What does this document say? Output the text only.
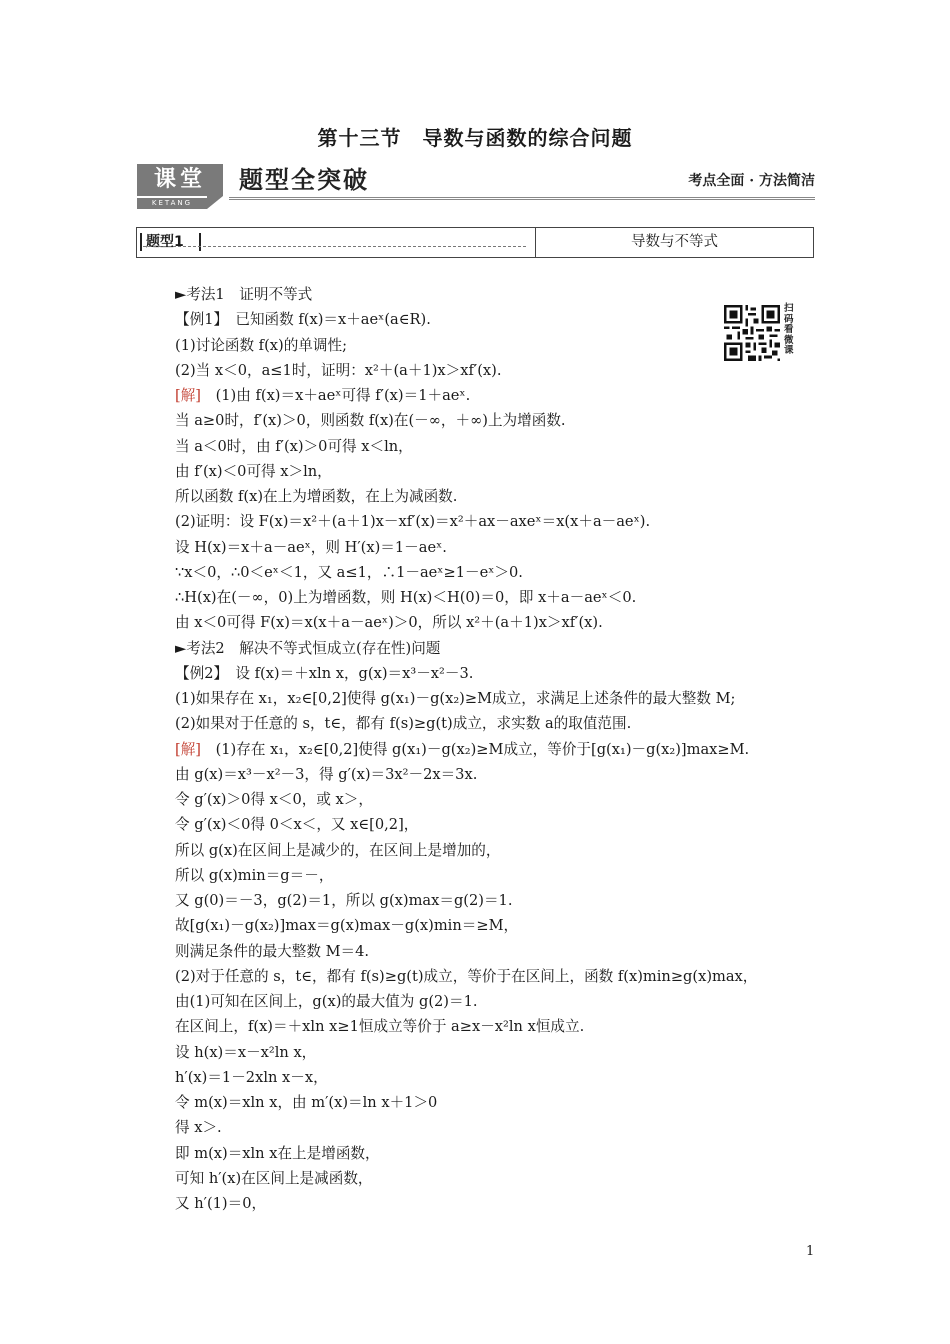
第十三节　导数与函数的综合问题
课堂
KETANG
题型全突破	考点全面 · 方法简洁
题型1	导数与不等式
扫码看微课
►考法1　证明不等式
【例1】　已知函数 f(x)＝x＋aeˣ(a∈R).
(1)讨论函数 f(x)的单调性;
(2)当 x＜0，a≤1时，证明：x²＋(a＋1)x＞xf′(x).
[解]　(1)由 f(x)＝x＋aeˣ可得 f′(x)＝1＋aeˣ.
当 a≥0时，f′(x)＞0，则函数 f(x)在(－∞，＋∞)上为增函数.
当 a＜0时，由 f′(x)＞0可得 x＜ln，
由 f′(x)＜0可得 x＞ln，
所以函数 f(x)在上为增函数，在上为减函数.
(2)证明：设 F(x)＝x²＋(a＋1)x－xf′(x)＝x²＋ax－axeˣ＝x(x＋a－aeˣ).
设 H(x)＝x＋a－aeˣ，则 H′(x)＝1－aeˣ.
∵x＜0，∴0＜eˣ＜1，又 a≤1，∴1－aeˣ≥1－eˣ＞0.
∴H(x)在(－∞，0)上为增函数，则 H(x)＜H(0)＝0，即 x＋a－aeˣ＜0.
由 x＜0可得 F(x)＝x(x＋a－aeˣ)＞0，所以 x²＋(a＋1)x＞xf′(x).
►考法2　解决不等式恒成立(存在性)问题
【例2】　设 f(x)＝＋xln x，g(x)＝x³－x²－3.
(1)如果存在 x₁，x₂∈[0,2]使得 g(x₁)－g(x₂)≥M成立，求满足上述条件的最大整数 M;
(2)如果对于任意的 s，t∈，都有 f(s)≥g(t)成立，求实数 a的取值范围.
[解]　(1)存在 x₁，x₂∈[0,2]使得 g(x₁)－g(x₂)≥M成立，等价于[g(x₁)－g(x₂)]max≥M.
由 g(x)＝x³－x²－3，得 g′(x)＝3x²－2x＝3x.
令 g′(x)＞0得 x＜0，或 x＞，
令 g′(x)＜0得 0＜x＜，又 x∈[0,2]，
所以 g(x)在区间上是减少的，在区间上是增加的，
所以 g(x)min＝g＝－，
又 g(0)＝－3，g(2)＝1，所以 g(x)max＝g(2)＝1.
故[g(x₁)－g(x₂)]max＝g(x)max－g(x)min＝≥M，
则满足条件的最大整数 M＝4.
(2)对于任意的 s，t∈，都有 f(s)≥g(t)成立，等价于在区间上，函数 f(x)min≥g(x)max，
由(1)可知在区间上，g(x)的最大值为 g(2)＝1.
在区间上，f(x)＝＋xln x≥1恒成立等价于 a≥x－x²ln x恒成立.
设 h(x)＝x－x²ln x，
h′(x)＝1－2xln x－x，
令 m(x)＝xln x，由 m′(x)＝ln x＋1＞0
得 x＞.
即 m(x)＝xln x在上是增函数，
可知 h′(x)在区间上是减函数，
又 h′(1)＝0，
1
